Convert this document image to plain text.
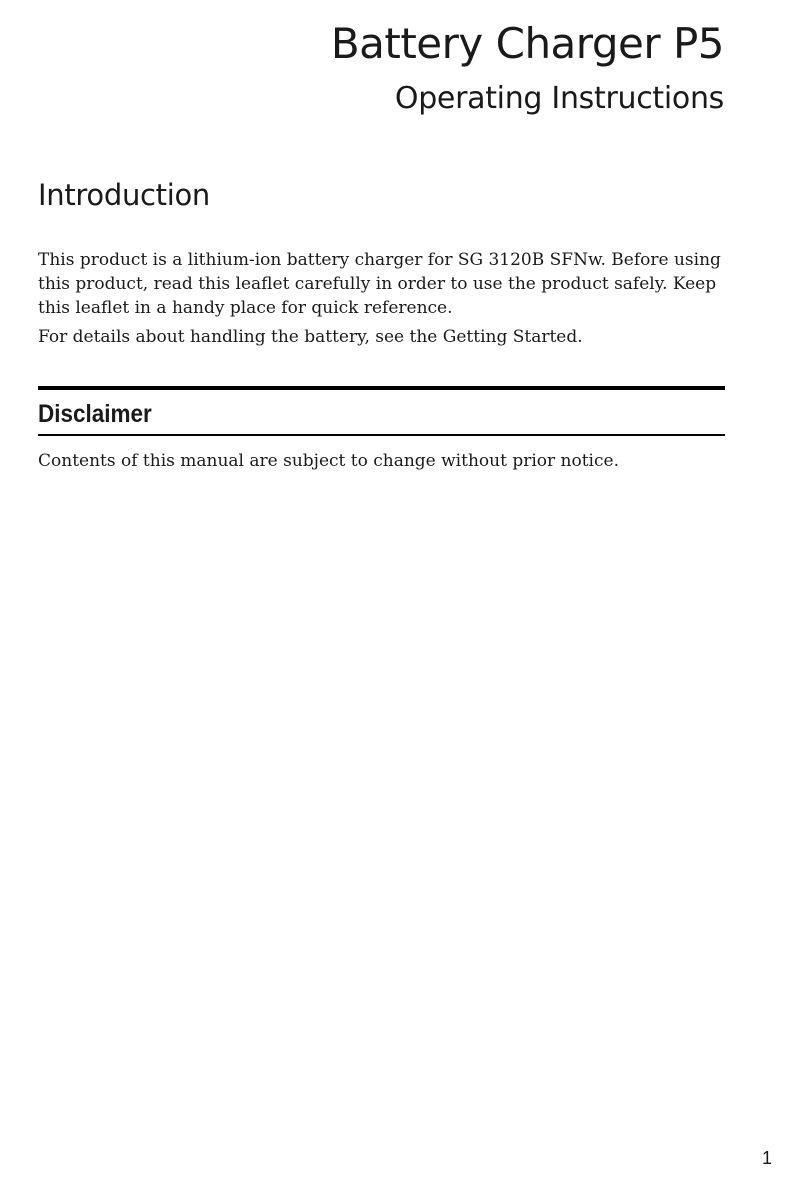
Battery Charger P5
Operating Instructions
Introduction

This product is a lithium-ion battery charger for SG 3120B SFNw. Before using
this product, read this leaflet carefully in order to use the product safely. Keep
this leaflet in a handy place for quick reference.

For details about handling the battery, see the Getting Started.

Disclaimer

Contents of this manual are subject to change without prior notice.

1
